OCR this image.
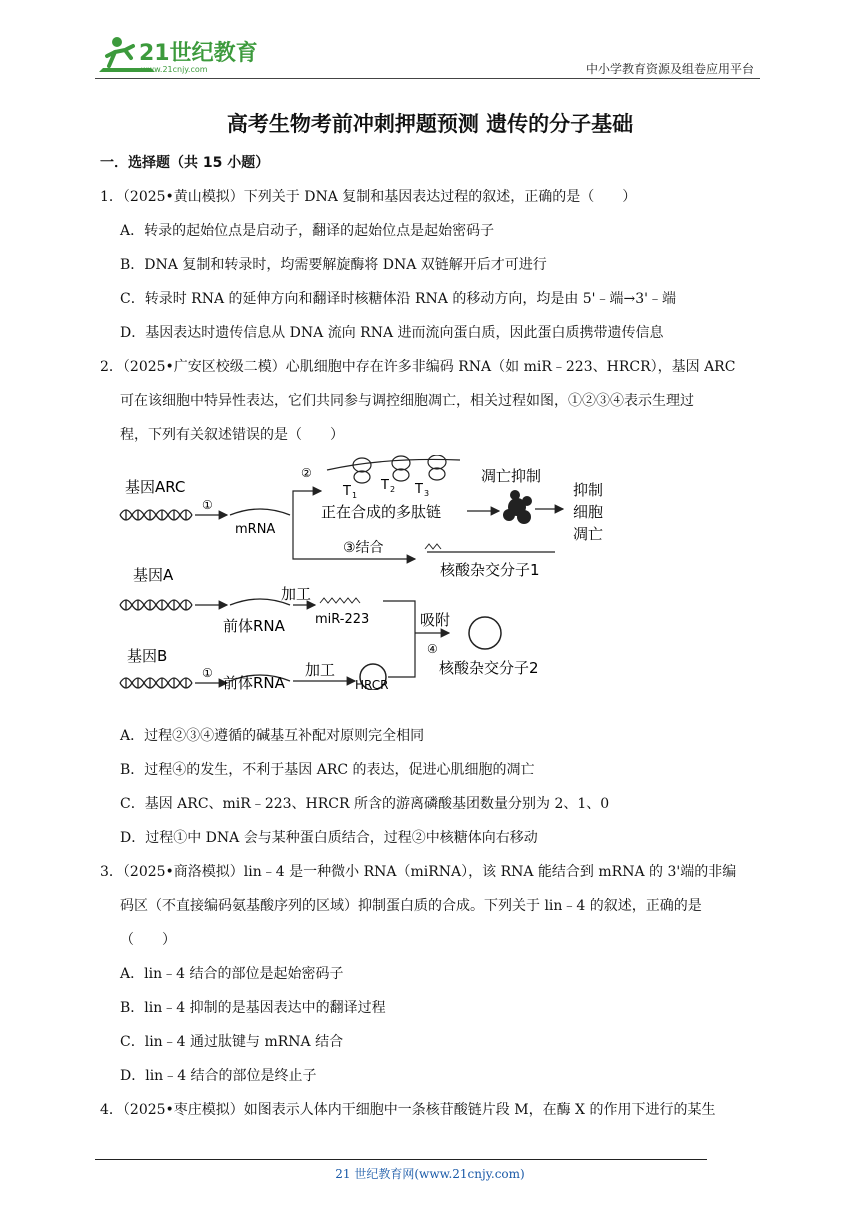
21世纪教育
www.21cnjy.com	中小学教育资源及组卷应用平台
高考生物考前冲刺押题预测 遗传的分子基础
一．选择题（共 15 小题）
1．（2025•黄山模拟）下列关于 DNA 复制和基因表达过程的叙述，正确的是（　　）
A．转录的起始位点是启动子，翻译的起始位点是起始密码子
B．DNA 复制和转录时，均需要解旋酶将 DNA 双链解开后才可进行
C．转录时 RNA 的延伸方向和翻译时核糖体沿 RNA 的移动方向，均是由 5'﹣端→3'﹣端
D．基因表达时遗传信息从 DNA 流向 RNA 进而流向蛋白质，因此蛋白质携带遗传信息
2．（2025•广安区校级二模）心肌细胞中存在许多非编码 RNA（如 miR﹣223、HRCR），基因 ARC
可在该细胞中特异性表达，它们共同参与调控细胞凋亡，相关过程如图，①②③④表示生理过
程，下列有关叙述错误的是（　　）
基因ARC
①
mRNA
②
③结合
T 1
T 2 T 3
正在合成的多肽链
凋亡抑制
抑制
细胞
凋亡
核酸杂交分子1
基因A
前体RNA
加工
miR-223	吸附
④
核酸杂交分子2
基因B
①
前体RNA
加工
HRCR
A．过程②③④遵循的碱基互补配对原则完全相同
B．过程④的发生，不利于基因 ARC 的表达，促进心肌细胞的凋亡
C．基因 ARC、miR﹣223、HRCR 所含的游离磷酸基团数量分别为 2、1、0
D．过程①中 DNA 会与某种蛋白质结合，过程②中核糖体向右移动
3．（2025•商洛模拟）lin﹣4 是一种微小 RNA（miRNA），该 RNA 能结合到 mRNA 的 3'端的非编
码区（不直接编码氨基酸序列的区域）抑制蛋白质的合成。下列关于 lin﹣4 的叙述，正确的是
（　　）
A．lin﹣4 结合的部位是起始密码子
B．lin﹣4 抑制的是基因表达中的翻译过程
C．lin﹣4 通过肽键与 mRNA 结合
D．lin﹣4 结合的部位是终止子
4．（2025•枣庄模拟）如图表示人体内干细胞中一条核苷酸链片段 M，在酶 X 的作用下进行的某生
21 世纪教育网(www.21cnjy.com)
